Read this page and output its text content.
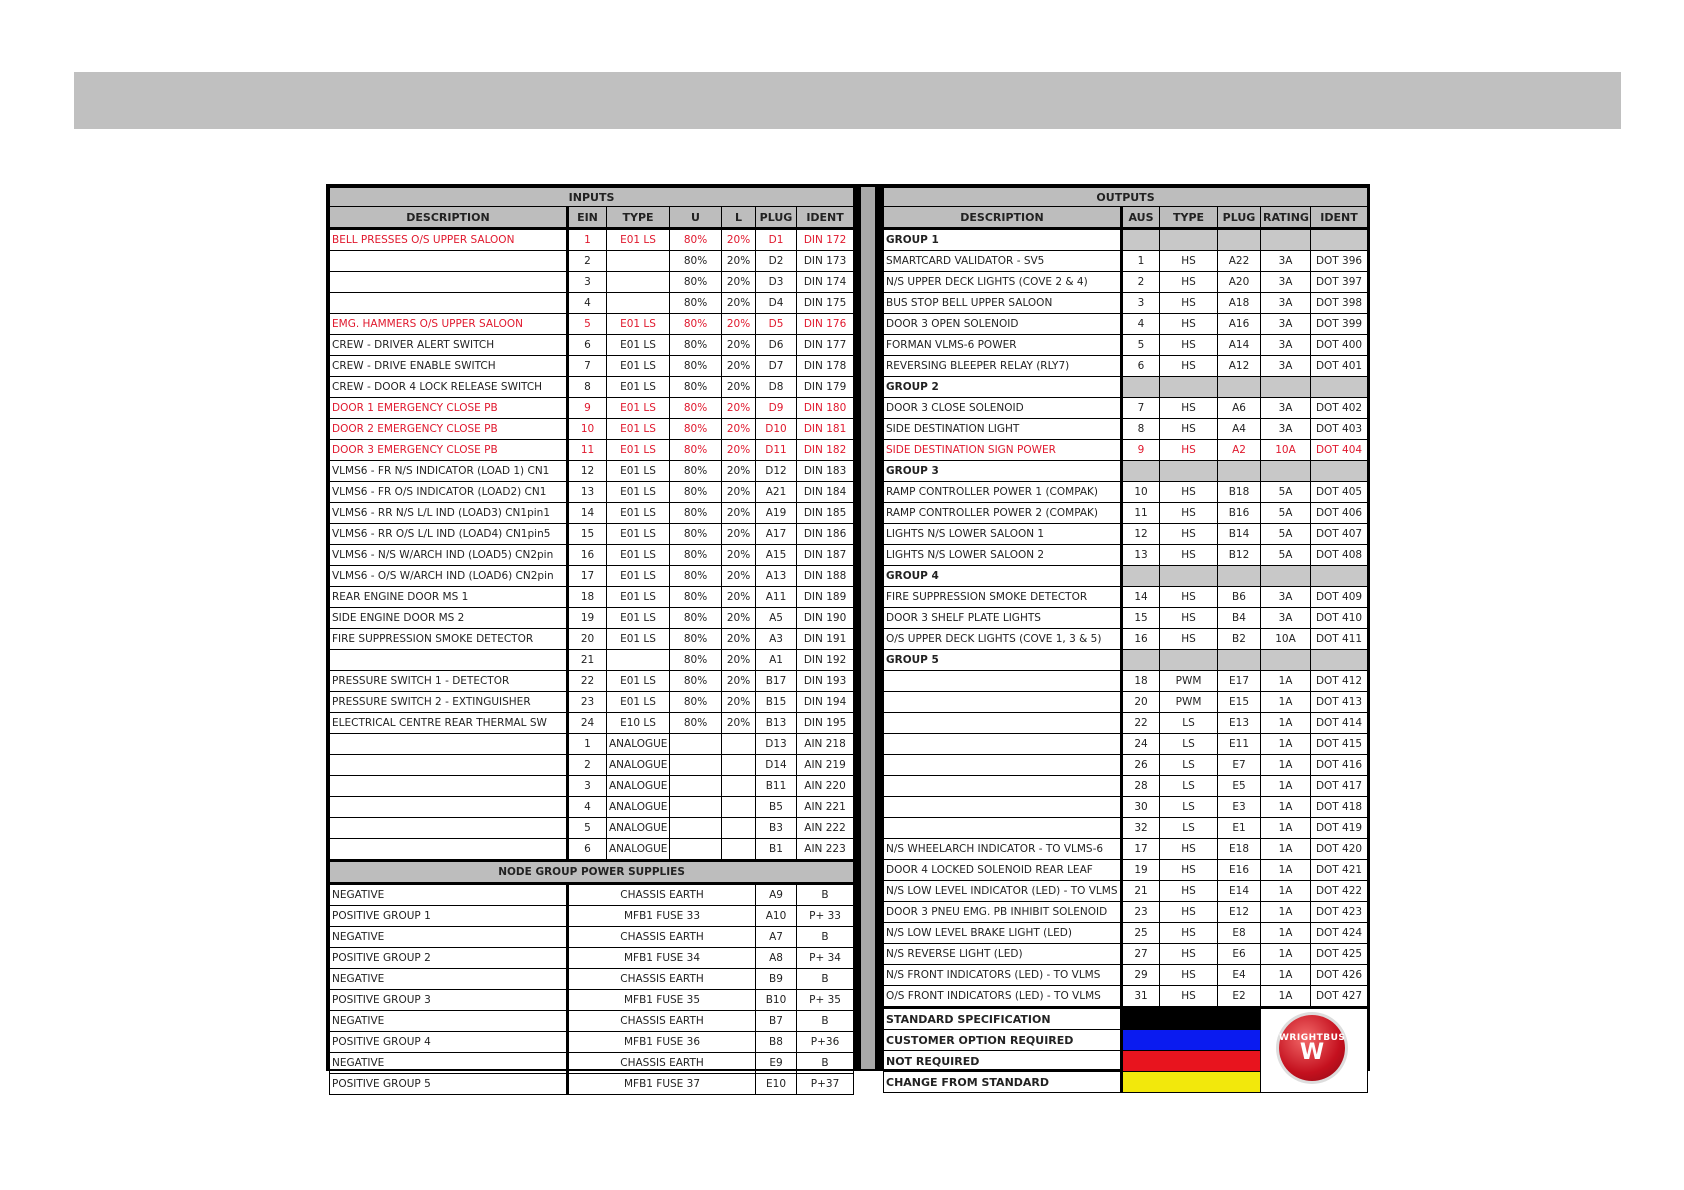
INPUTS						
DESCRIPTION	EIN	TYPE	U	L	PLUG	IDENT
BELL PRESSES O/S UPPER SALOON	1	E01 LS	80%	20%	D1	DIN 172
	2		80%	20%	D2	DIN 173
	3		80%	20%	D3	DIN 174
	4		80%	20%	D4	DIN 175
EMG. HAMMERS O/S UPPER SALOON	5	E01 LS	80%	20%	D5	DIN 176
CREW - DRIVER ALERT SWITCH	6	E01 LS	80%	20%	D6	DIN 177
CREW - DRIVE ENABLE SWITCH	7	E01 LS	80%	20%	D7	DIN 178
CREW - DOOR 4 LOCK RELEASE SWITCH	8	E01 LS	80%	20%	D8	DIN 179
DOOR 1 EMERGENCY CLOSE PB	9	E01 LS	80%	20%	D9	DIN 180
DOOR 2 EMERGENCY CLOSE PB	10	E01 LS	80%	20%	D10	DIN 181
DOOR 3 EMERGENCY CLOSE PB	11	E01 LS	80%	20%	D11	DIN 182
VLMS6 - FR N/S INDICATOR (LOAD 1) CN1	12	E01 LS	80%	20%	D12	DIN 183
VLMS6 - FR O/S INDICATOR (LOAD2) CN1	13	E01 LS	80%	20%	A21	DIN 184
VLMS6 - RR N/S L/L IND (LOAD3) CN1pin1	14	E01 LS	80%	20%	A19	DIN 185
VLMS6 - RR O/S L/L IND (LOAD4) CN1pin5	15	E01 LS	80%	20%	A17	DIN 186
VLMS6 - N/S W/ARCH IND (LOAD5) CN2pin	16	E01 LS	80%	20%	A15	DIN 187
VLMS6 - O/S W/ARCH IND (LOAD6) CN2pin	17	E01 LS	80%	20%	A13	DIN 188
REAR ENGINE DOOR MS 1	18	E01 LS	80%	20%	A11	DIN 189
SIDE ENGINE DOOR MS 2	19	E01 LS	80%	20%	A5	DIN 190
FIRE SUPPRESSION SMOKE DETECTOR	20	E01 LS	80%	20%	A3	DIN 191
	21		80%	20%	A1	DIN 192
PRESSURE SWITCH 1 - DETECTOR	22	E01 LS	80%	20%	B17	DIN 193
PRESSURE SWITCH 2 - EXTINGUISHER	23	E01 LS	80%	20%	B15	DIN 194
ELECTRICAL CENTRE REAR THERMAL SW	24	E10 LS	80%	20%	B13	DIN 195
	1	ANALOGUE			D13	AIN 218
	2	ANALOGUE			D14	AIN 219
	3	ANALOGUE			B11	AIN 220
	4	ANALOGUE			B5	AIN 221
	5	ANALOGUE			B3	AIN 222
	6	ANALOGUE			B1	AIN 223
NODE GROUP POWER SUPPLIES						
NEGATIVE	CHASSIS EARTH				A9	B
POSITIVE GROUP 1	MFB1 FUSE 33				A10	P+ 33
NEGATIVE	CHASSIS EARTH				A7	B
POSITIVE GROUP 2	MFB1 FUSE 34				A8	P+ 34
NEGATIVE	CHASSIS EARTH				B9	B
POSITIVE GROUP 3	MFB1 FUSE 35				B10	P+ 35
NEGATIVE	CHASSIS EARTH				B7	B
POSITIVE GROUP 4	MFB1 FUSE 36				B8	P+36
NEGATIVE	CHASSIS EARTH				E9	B
POSITIVE GROUP 5	MFB1 FUSE 37				E10	P+37
OUTPUTS					
DESCRIPTION	AUS	TYPE	PLUG	RATING	IDENT
GROUP 1					
SMARTCARD VALIDATOR - SV5	1	HS	A22	3A	DOT 396
N/S UPPER DECK LIGHTS (COVE 2 & 4)	2	HS	A20	3A	DOT 397
BUS STOP BELL UPPER SALOON	3	HS	A18	3A	DOT 398
DOOR 3 OPEN SOLENOID	4	HS	A16	3A	DOT 399
FORMAN VLMS-6 POWER	5	HS	A14	3A	DOT 400
REVERSING BLEEPER RELAY (RLY7)	6	HS	A12	3A	DOT 401
GROUP 2					
DOOR 3 CLOSE SOLENOID	7	HS	A6	3A	DOT 402
SIDE DESTINATION LIGHT	8	HS	A4	3A	DOT 403
SIDE DESTINATION SIGN POWER	9	HS	A2	10A	DOT 404
GROUP 3					
RAMP CONTROLLER POWER 1 (COMPAK)	10	HS	B18	5A	DOT 405
RAMP CONTROLLER POWER 2 (COMPAK)	11	HS	B16	5A	DOT 406
LIGHTS N/S LOWER SALOON 1	12	HS	B14	5A	DOT 407
LIGHTS N/S LOWER SALOON 2	13	HS	B12	5A	DOT 408
GROUP 4					
FIRE SUPPRESSION SMOKE DETECTOR	14	HS	B6	3A	DOT 409
DOOR 3 SHELF PLATE LIGHTS	15	HS	B4	3A	DOT 410
O/S UPPER DECK LIGHTS (COVE 1, 3 & 5)	16	HS	B2	10A	DOT 411
GROUP 5					
	18	PWM	E17	1A	DOT 412
	20	PWM	E15	1A	DOT 413
	22	LS	E13	1A	DOT 414
	24	LS	E11	1A	DOT 415
	26	LS	E7	1A	DOT 416
	28	LS	E5	1A	DOT 417
	30	LS	E3	1A	DOT 418
	32	LS	E1	1A	DOT 419
N/S WHEELARCH INDICATOR - TO VLMS-6	17	HS	E18	1A	DOT 420
DOOR 4 LOCKED SOLENOID REAR LEAF	19	HS	E16	1A	DOT 421
N/S LOW LEVEL INDICATOR (LED) - TO VLMS	21	HS	E14	1A	DOT 422
DOOR 3 PNEU EMG. PB INHIBIT SOLENOID	23	HS	E12	1A	DOT 423
N/S LOW LEVEL BRAKE LIGHT (LED)	25	HS	E8	1A	DOT 424
N/S REVERSE LIGHT (LED)	27	HS	E6	1A	DOT 425
N/S FRONT INDICATORS (LED) - TO VLMS	29	HS	E4	1A	DOT 426
O/S FRONT INDICATORS (LED) - TO VLMS	31	HS	E2	1A	DOT 427
STANDARD SPECIFICATION				WRIGHTBUS
W	

CUSTOMER OPTION REQUIRED					
NOT REQUIRED					
CHANGE FROM STANDARD					
